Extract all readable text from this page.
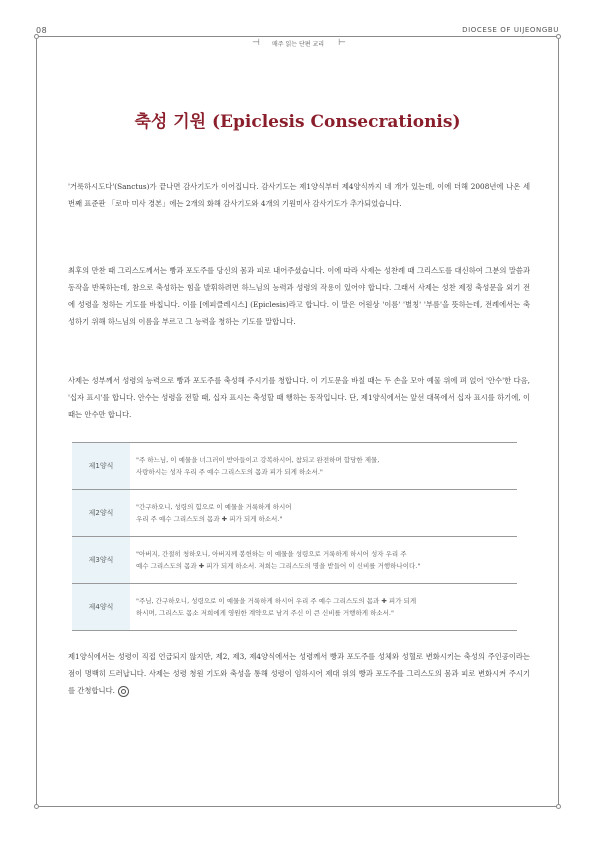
08	DIOCESE OF UIJEONGBU
⊣	매주 읽는 단편 교리	⊢
축성 기원 (Epiclesis Consecrationis)
'거룩하시도다'(Sanctus)가 끝나면 감사기도가 이어집니다. 감사기도는 제1양식부터 제4양식까지 네 개가 있는데, 이에 더해 2008년에 나온 세 번째 표준판 「로마 미사 경본」에는 2개의 화해 감사기도와 4개의 기원미사 감사기도가 추가되었습니다.
최후의 만찬 때 그리스도께서는 빵과 포도주를 당신의 몸과 피로 내어주셨습니다. 이에 따라 사제는 성찬례 때 그리스도를 대신하여 그분의 말씀과 동작을 반복하는데, 참으로 축성하는 힘을 발휘하려면 하느님의 능력과 성령의 작용이 있어야 합니다. 그래서 사제는 성찬 제정 축성문을 외기 전에 성령을 청하는 기도를 바칩니다. 이를 [에피클레시스] (Epiclesis)라고 합니다. 이 말은 어원상 '이름' '별칭' '부름'을 뜻하는데, 전례에서는 축성하기 위해 하느님의 이름을 부르고 그 능력을 청하는 기도를 말합니다.
사제는 성부께서 성령의 능력으로 빵과 포도주를 축성해 주시기를 청합니다. 이 기도문을 바칠 때는 두 손을 모아 예물 위에 펴 얹어 '안수'한 다음, '십자 표시'를 합니다. 안수는 성령을 전할 때, 십자 표시는 축성할 때 행하는 동작입니다. 단, 제1양식에서는 앞선 대목에서 십자 표시를 하기에, 이때는 안수만 합니다.
제1양식
"주 하느님, 이 예물을 너그러이 받아들이고 강복하시어, 참되고 완전하며 합당한 제물,
사랑하시는 성자 우리 주 예수 그리스도의 몸과 피가 되게 하소서."
제2양식
"간구하오니, 성령의 힘으로 이 예물을 거룩하게 하시어
우리 주 예수 그리스도의 몸과 ✚ 피가 되게 하소서."
제3양식
"아버지, 간절히 청하오니, 아버지께 봉헌하는 이 예물을 성령으로 거룩하게 하시어 성자 우리 주
예수 그리스도의 몸과 ✚ 피가 되게 하소서. 저희는 그리스도의 명을 받들어 이 신비를 거행하나이다."
제4양식
"주님, 간구하오니, 성령으로 이 예물을 거룩하게 하시어 우리 주 예수 그리스도의 몸과 ✚ 피가 되게
하시며, 그리스도 몸소 저희에게 영원한 계약으로 남겨 주신 이 큰 신비를 거행하게 하소서."
제1양식에서는 성령이 직접 언급되지 않지만, 제2, 제3, 제4양식에서는 성령께서 빵과 포도주를 성체와 성혈로 변화시키는 축성의 주인공이라는 점이 명백히 드러납니다. 사제는 성령 청원 기도와 축성을 통해 성령이 임하시어 제대 위의 빵과 포도주를 그리스도의 몸과 피로 변화시켜 주시기를 간청합니다.
